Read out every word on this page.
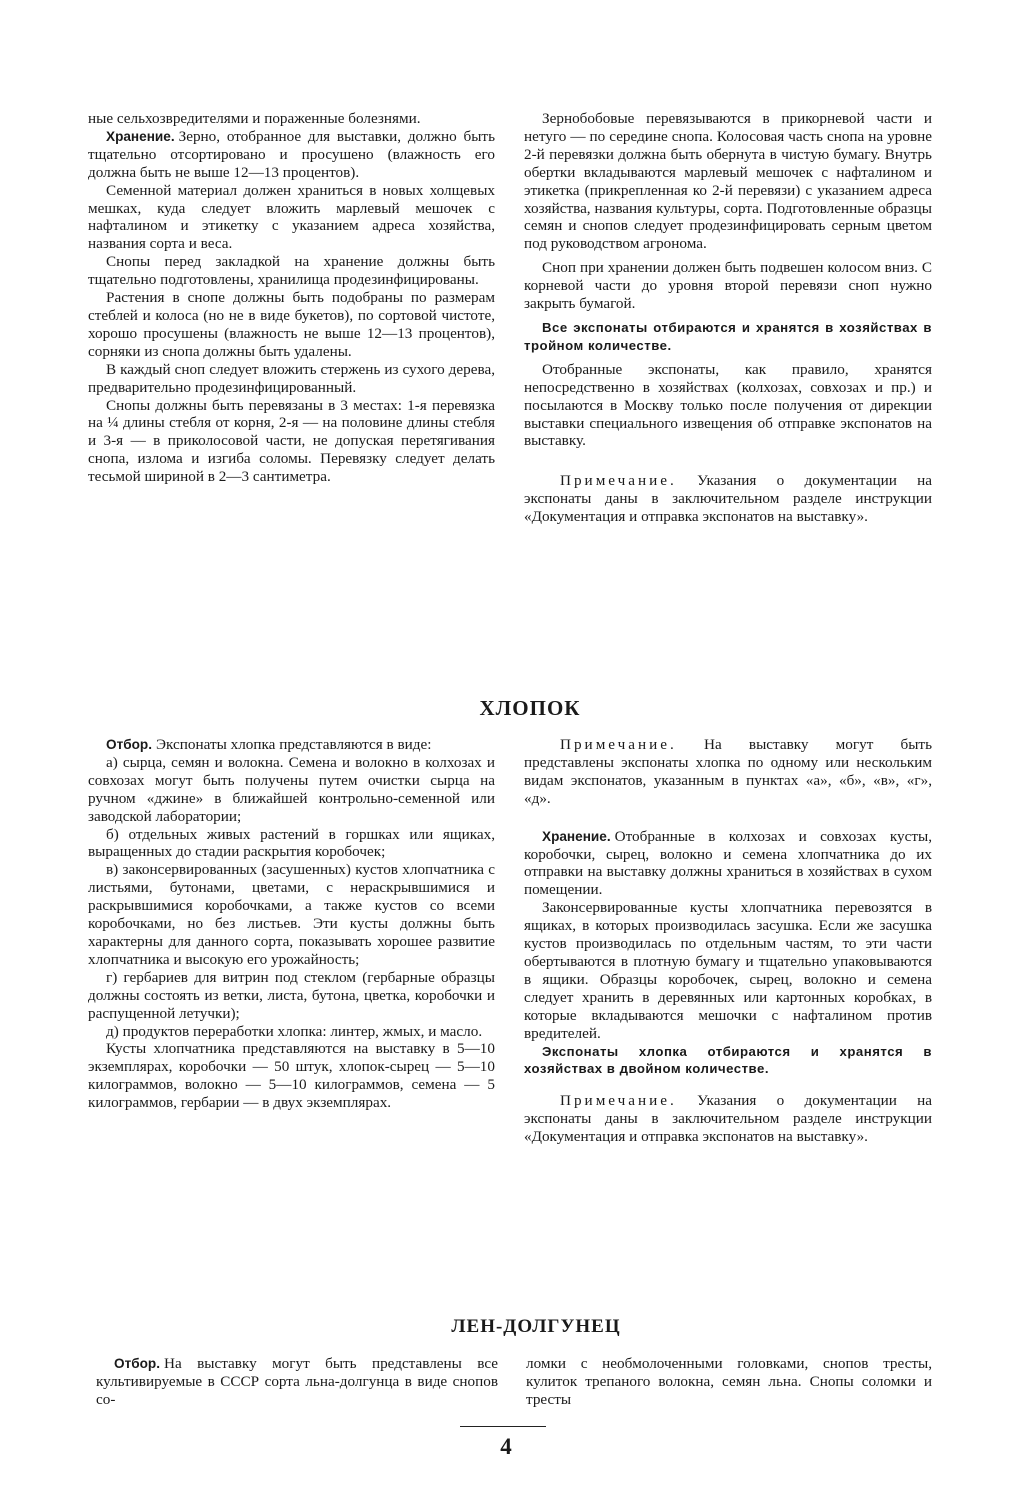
ные сельхозвредителями и пораженные болезнями.

Хранение. Зерно, отобранное для выставки, должно быть тщательно отсортировано и просушено (влажность его должна быть не выше 12—13 процентов).

Семенной материал должен храниться в новых холщевых мешках, куда следует вложить марлевый мешочек с нафталином и этикетку с указанием адреса хозяйства, названия сорта и веса.

Снопы перед закладкой на хранение должны быть тщательно подготовлены, хранилища продезинфицированы.

Растения в снопе должны быть подобраны по размерам стеблей и колоса (но не в виде букетов), по сортовой чистоте, хорошо просушены (влажность не выше 12—13 процентов), сорняки из снопа должны быть удалены.

В каждый сноп следует вложить стержень из сухого дерева, предварительно продезинфицированный.

Снопы должны быть перевязаны в 3 местах: 1-я перевязка на ¼ длины стебля от корня, 2-я — на половине длины стебля и 3-я — в приколосовой части, не допуская перетягивания снопа, излома и изгиба соломы. Перевязку следует делать тесьмой шириной в 2—3 сантиметра.

Зернобобовые перевязываются в прикорневой части и нетуго — по середине снопа. Колосовая часть снопа на уровне 2-й перевязки должна быть обернута в чистую бумагу. Внутрь обертки вкладываются марлевый мешочек с нафталином и этикетка (прикрепленная ко 2-й перевязи) с указанием адреса хозяйства, названия культуры, сорта. Подготовленные образцы семян и снопов следует продезинфицировать серным цветом под руководством агронома.

Сноп при хранении должен быть подвешен колосом вниз. С корневой части до уровня второй перевязи сноп нужно закрыть бумагой.

Все экспонаты отбираются и хранятся в хозяйствах в тройном количестве.

Отобранные экспонаты, как правило, хранятся непосредственно в хозяйствах (колхозах, совхозах и пр.) и посылаются в Москву только после получения от дирекции выставки специального извещения об отправке экспонатов на выставку.

Примечание. Указания о документации на экспонаты даны в заключительном разделе инструкции «Документация и отправка экспонатов на выставку».

ХЛОПОК

Отбор. Экспонаты хлопка представляются в виде:

а) сырца, семян и волокна. Семена и волокно в колхозах и совхозах могут быть получены путем очистки сырца на ручном «джине» в ближайшей контрольно-семенной или заводской лаборатории;

б) отдельных живых растений в горшках или ящиках, выращенных до стадии раскрытия коробочек;

в) законсервированных (засушенных) кустов хлопчатника с листьями, бутонами, цветами, с нераскрывшимися и раскрывшимися коробочками, а также кустов со всеми коробочками, но без листьев. Эти кусты должны быть характерны для данного сорта, показывать хорошее развитие хлопчатника и высокую его урожайность;

г) гербариев для витрин под стеклом (гербарные образцы должны состоять из ветки, листа, бутона, цветка, коробочки и распущенной летучки);

д) продуктов переработки хлопка: линтер, жмых, и масло.

Кусты хлопчатника представляются на выставку в 5—10 экземплярах, коробочки — 50 штук, хлопок-сырец — 5—10 килограммов, волокно — 5—10 килограммов, семена — 5 килограммов, гербарии — в двух экземплярах.

Примечание. На выставку могут быть представлены экспонаты хлопка по одному или нескольким видам экспонатов, указанным в пунктах «а», «б», «в», «г», «д».

Хранение. Отобранные в колхозах и совхозах кусты, коробочки, сырец, волокно и семена хлопчатника до их отправки на выставку должны храниться в хозяйствах в сухом помещении.

Законсервированные кусты хлопчатника перевозятся в ящиках, в которых производилась засушка. Если же засушка кустов производилась по отдельным частям, то эти части обертываются в плотную бумагу и тщательно упаковываются в ящики. Образцы коробочек, сырец, волокно и семена следует хранить в деревянных или картонных коробках, в которые вкладываются мешочки с нафталином против вредителей.

Экспонаты хлопка отбираются и хранятся в хозяйствах в двойном количестве.

Примечание. Указания о документации на экспонаты даны в заключительном разделе инструкции «Документация и отправка экспонатов на выставку».

ЛЕН-ДОЛГУНЕЦ

Отбор. На выставку могут быть представлены все культивируемые в СССР сорта льна-долгунца в виде снопов со-

ломки с необмолоченными головками, снопов тресты, кулиток трепаного волокна, семян льна. Снопы соломки и тресты

4
